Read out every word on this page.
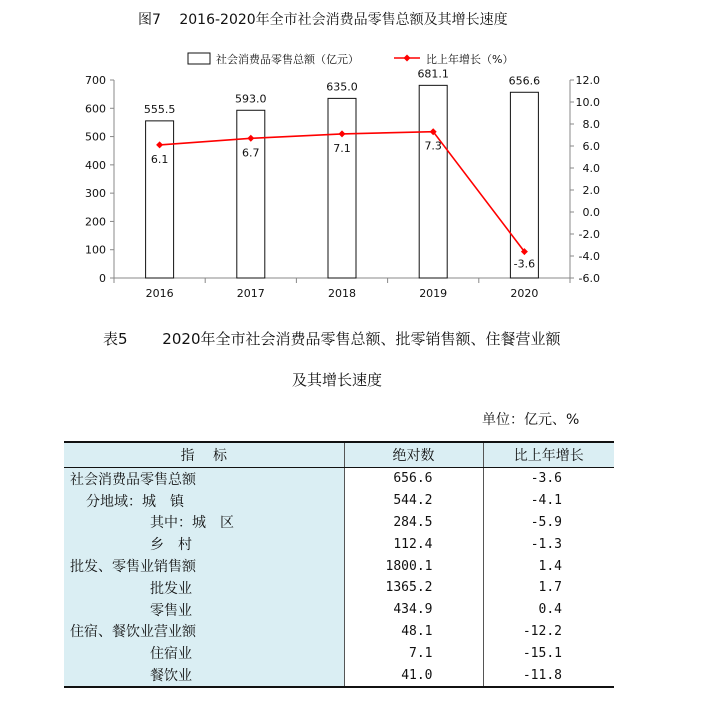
图7　 2016-2020年全市社会消费品零售总额及其增长速度
0
100
200
300
400
500
600
700
-6.0
-4.0
-2.0
0.0
2.0
4.0
6.0
8.0
10.0
12.0
2016	2017	2018	2019	2020
555.5
593.0
635.0
681.1
656.6
6.1
6.7	7.1	7.3
-3.6
社会消费品零售总额（亿元）	比上年增长（%）
表5　 　2020年全市社会消费品零售总额、批零销售额、住餐营业额
及其增长速度
单位：亿元、%
指　 标	绝对数	比上年增长
社会消费品零售总额	656.6	-3.6
分地域：城　镇	544.2	-4.1
其中：城　区	284.5	-5.9
乡　村	112.4	-1.3
批发、零售业销售额	1800.1	1.4
批发业	1365.2	1.7
零售业	434.9	0.4
住宿、餐饮业营业额	48.1	-12.2
住宿业	7.1	-15.1
餐饮业	41.0	-11.8
